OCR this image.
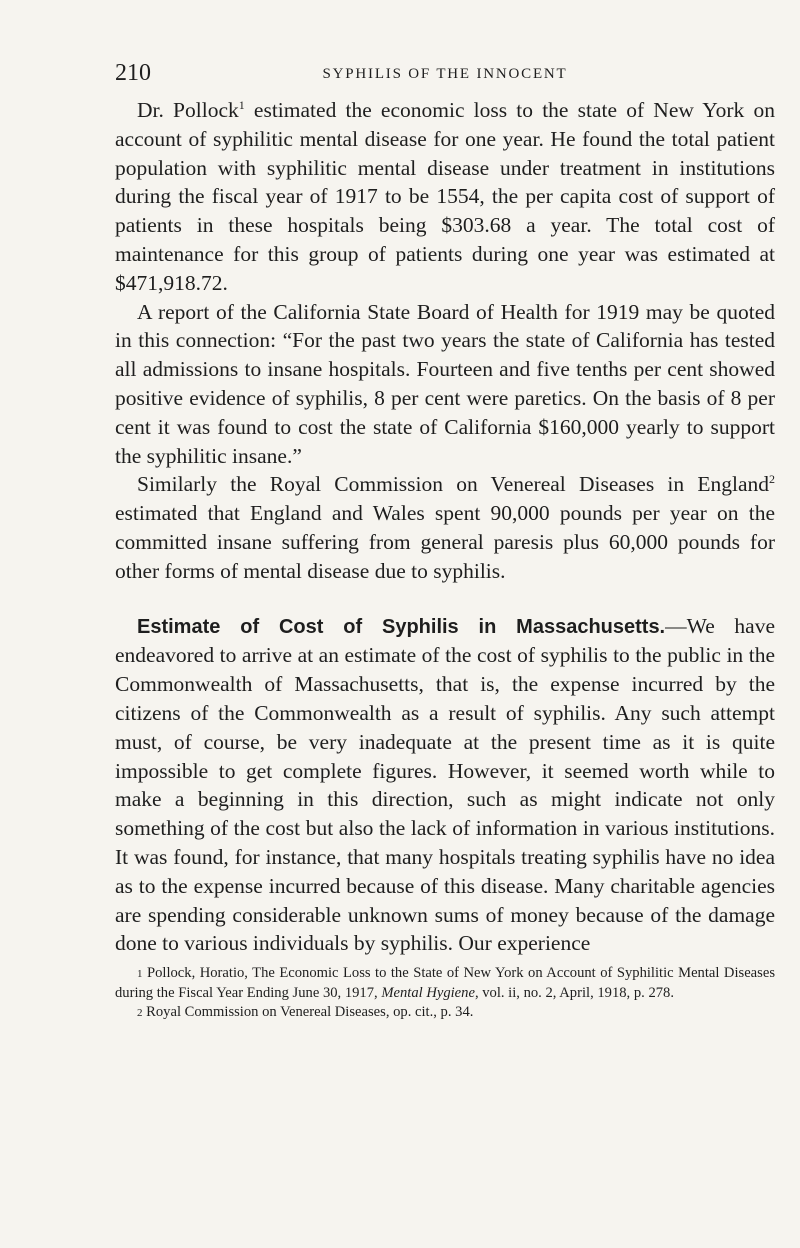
210	SYPHILIS OF THE INNOCENT

Dr. Pollock$^1$ estimated the economic loss to the state of New York on account of syphilitic mental disease for one year. He found the total patient population with syphilitic mental disease under treatment in institutions during the fiscal year of 1917 to be 1554, the per capita cost of support of patients in these hospitals being $303.68 a year. The total cost of maintenance for this group of patients during one year was estimated at $471,918.72.

A report of the California State Board of Health for 1919 may be quoted in this connection: “For the past two years the state of California has tested all admissions to insane hospitals. Fourteen and five tenths per cent showed positive evidence of syphilis, 8 per cent were paretics. On the basis of 8 per cent it was found to cost the state of California $160,000 yearly to support the syphilitic insane.”

Similarly the Royal Commission on Venereal Diseases in England$^2$ estimated that England and Wales spent 90,000 pounds per year on the committed insane suffering from general paresis plus 60,000 pounds for other forms of mental disease due to syphilis.

Estimate of Cost of Syphilis in Massachusetts.—We have endeavored to arrive at an estimate of the cost of syphilis to the public in the Commonwealth of Massachusetts, that is, the expense incurred by the citizens of the Commonwealth as a result of syphilis. Any such attempt must, of course, be very inadequate at the present time as it is quite impossible to get complete figures. However, it seemed worth while to make a beginning in this direction, such as might indicate not only something of the cost but also the lack of information in various institutions. It was found, for instance, that many hospitals treating syphilis have no idea as to the expense incurred because of this disease. Many charitable agencies are spending considerable unknown sums of money because of the damage done to various individuals by syphilis. Our experience

1 Pollock, Horatio, The Economic Loss to the State of New York on Account of Syphilitic Mental Diseases during the Fiscal Year Ending June 30, 1917, Mental Hygiene, vol. ii, no. 2, April, 1918, p. 278.

2 Royal Commission on Venereal Diseases, op. cit., p. 34.
